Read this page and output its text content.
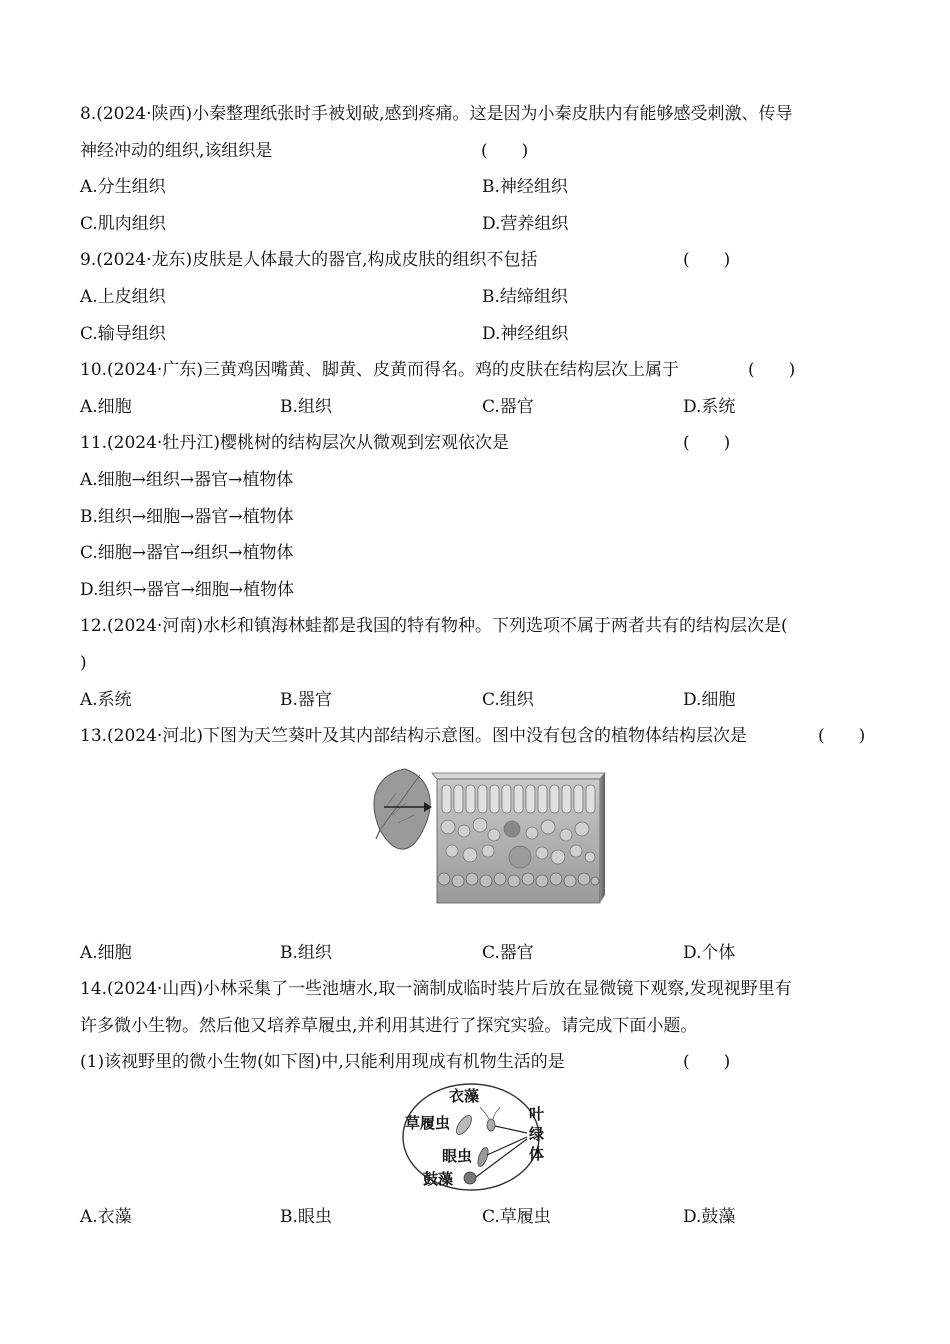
8.(2024·陕西)小秦整理纸张时手被划破,感到疼痛。这是因为小秦皮肤内有能够感受刺激、传导
神经冲动的组织,该组织是	(　　)
A.分生组织	B.神经组织
C.肌肉组织	D.营养组织
9.(2024·龙东)皮肤是人体最大的器官,构成皮肤的组织不包括	(　　)
A.上皮组织	B.结缔组织
C.输导组织	D.神经组织
10.(2024·广东)三黄鸡因嘴黄、脚黄、皮黄而得名。鸡的皮肤在结构层次上属于	(　　)
A.细胞	B.组织	C.器官	D.系统
11.(2024·牡丹江)樱桃树的结构层次从微观到宏观依次是	(　　)
A.细胞→组织→器官→植物体
B.组织→细胞→器官→植物体
C.细胞→器官→组织→植物体
D.组织→器官→细胞→植物体
12.(2024·河南)水杉和镇海林蛙都是我国的特有物种。下列选项不属于两者共有的结构层次是(
)
A.系统	B.器官	C.组织	D.细胞
13.(2024·河北)下图为天竺葵叶及其内部结构示意图。图中没有包含的植物体结构层次是	(　　)
A.细胞	B.组织	C.器官	D.个体
14.(2024·山西)小林采集了一些池塘水,取一滴制成临时装片后放在显微镜下观察,发现视野里有
许多微小生物。然后他又培养草履虫,并利用其进行了探究实验。请完成下面小题。
(1)该视野里的微小生物(如下图)中,只能利用现成有机物生活的是	(　　)
衣藻
草履虫
眼虫
鼓藻
叶
绿
体
A.衣藻	B.眼虫	C.草履虫	D.鼓藻
